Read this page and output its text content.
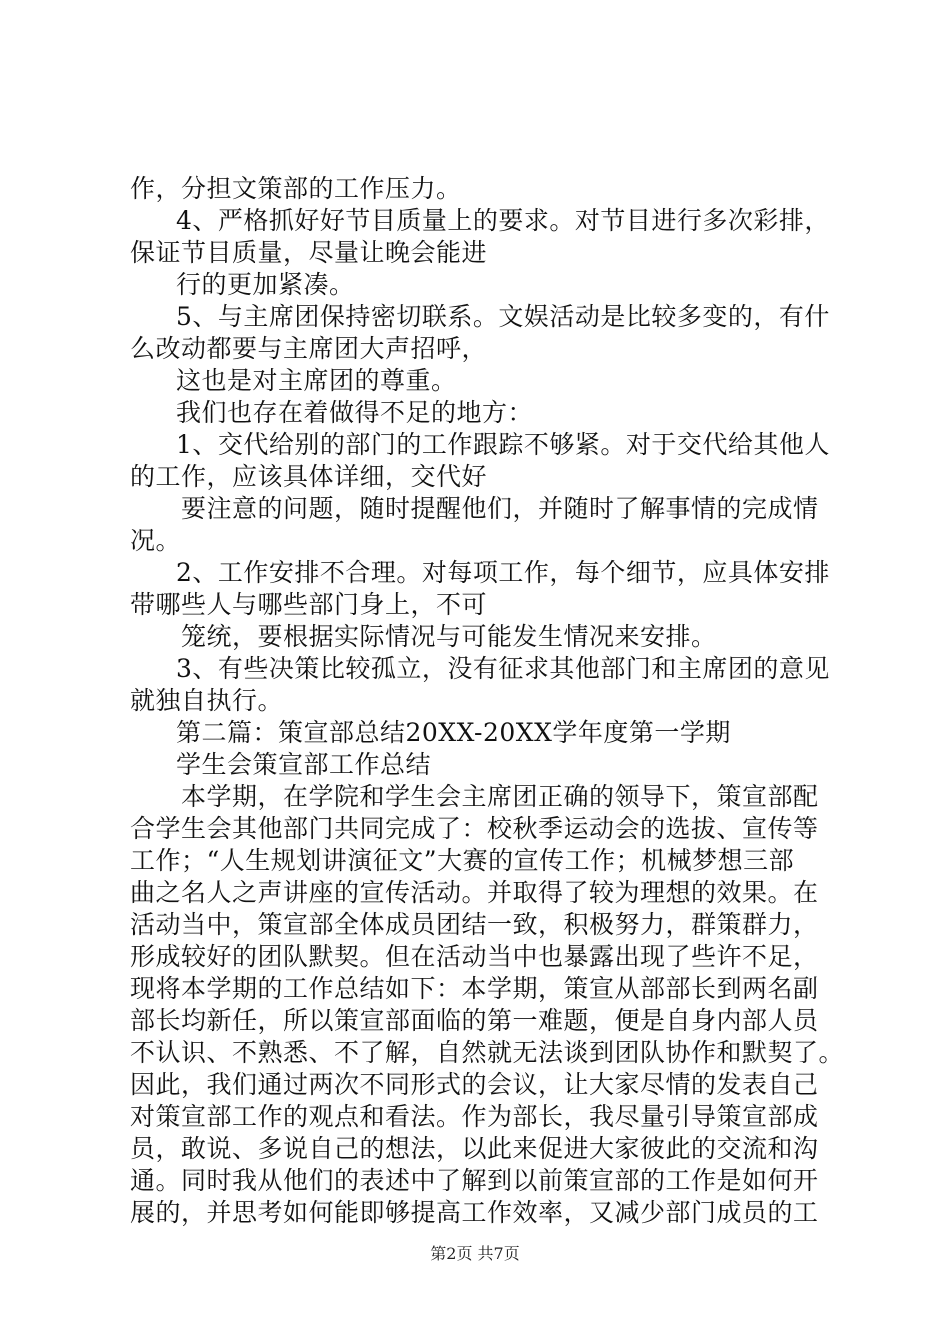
作，分担文策部的工作压力。
4、严格抓好好节目质量上的要求。对节目进行多次彩排，
保证节目质量，尽量让晚会能进
行的更加紧凑。
5、与主席团保持密切联系。文娱活动是比较多变的，有什
么改动都要与主席团大声招呼，
这也是对主席团的尊重。
我们也存在着做得不足的地方：
1、交代给别的部门的工作跟踪不够紧。对于交代给其他人
的工作，应该具体详细，交代好
要注意的问题，随时提醒他们，并随时了解事情的完成情
况。
2、工作安排不合理。对每项工作，每个细节，应具体安排
带哪些人与哪些部门身上，不可
笼统，要根据实际情况与可能发生情况来安排。
3、有些决策比较孤立，没有征求其他部门和主席团的意见
就独自执行。
第二篇：策宣部总结20XX-20XX学年度第一学期
学生会策宣部工作总结
本学期，在学院和学生会主席团正确的领导下，策宣部配
合学生会其他部门共同完成了：校秋季运动会的选拔、宣传等
工作；“人生规划讲演征文”大赛的宣传工作；机械梦想三部
曲之名人之声讲座的宣传活动。并取得了较为理想的效果。在
活动当中，策宣部全体成员团结一致，积极努力，群策群力，
形成较好的团队默契。但在活动当中也暴露出现了些许不足，
现将本学期的工作总结如下：本学期，策宣从部部长到两名副
部长均新任，所以策宣部面临的第一难题，便是自身内部人员
不认识、不熟悉、不了解，自然就无法谈到团队协作和默契了。
因此，我们通过两次不同形式的会议，让大家尽情的发表自己
对策宣部工作的观点和看法。作为部长，我尽量引导策宣部成
员，敢说、多说自己的想法，以此来促进大家彼此的交流和沟
通。同时我从他们的表述中了解到以前策宣部的工作是如何开
展的，并思考如何能即够提高工作效率，又减少部门成员的工
第2页 共7页
